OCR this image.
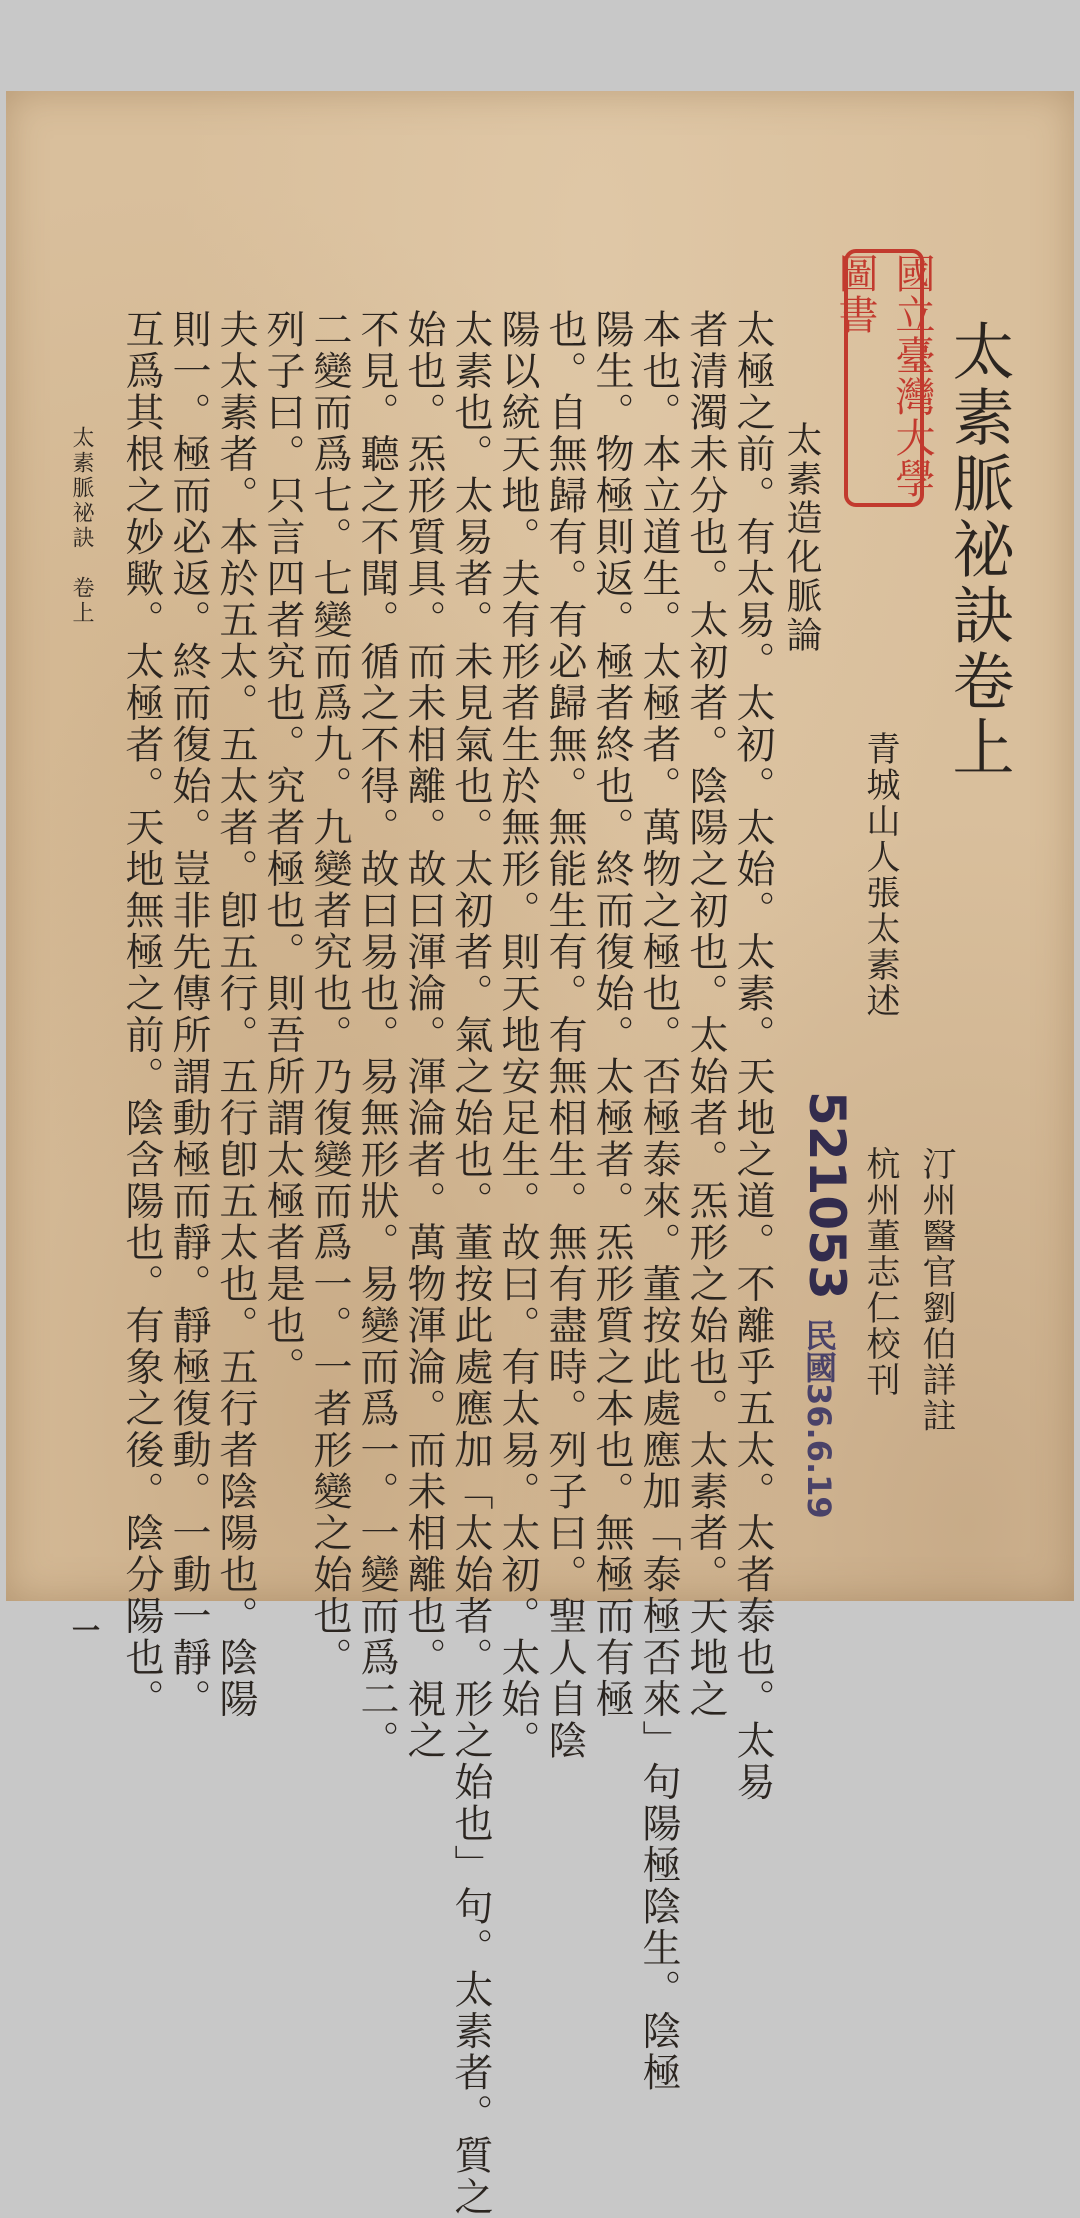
太素脈祕訣卷上
國立臺灣大學圖書
青城山人張太素述
汀州醫官劉伯詳註
杭州董志仁校刊
521053
民國36.6.19
太素造化脈論
太極之前。有太易。太初。太始。太素。天地之道。不離乎五太。太者泰也。太易
者清濁未分也。太初者。陰陽之初也。太始者。炁形之始也。太素者。天地之
本也。本立道生。太極者。萬物之極也。否極泰來。董按此處應加「泰極否來」句陽極陰生。陰極
陽生。物極則返。極者終也。終而復始。太極者。炁形質之本也。無極而有極
也。自無歸有。有必歸無。無能生有。有無相生。無有盡時。列子曰。聖人自陰
陽以統天地。夫有形者生於無形。則天地安足生。故曰。有太易。太初。太始。
太素也。太易者。未見氣也。太初者。氣之始也。董按此處應加「太始者。形之始也」句。太素者。質之
始也。炁形質具。而未相離。故曰渾淪。渾淪者。萬物渾淪。而未相離也。視之
不見。聽之不聞。循之不得。故曰易也。易無形狀。易變而爲一。一變而爲二。
二變而爲七。七變而爲九。九變者究也。乃復變而爲一。一者形變之始也。
列子曰。只言四者究也。究者極也。則吾所謂太極者是也。
夫太素者。本於五太。五太者。卽五行。五行卽五太也。五行者陰陽也。陰陽
則一。極而必返。終而復始。豈非先傳所謂動極而靜。靜極復動。一動一靜。
互爲其根之妙歟。太極者。天地無極之前。陰含陽也。有象之後。陰分陽也。
太素脈祕訣　卷上
一
